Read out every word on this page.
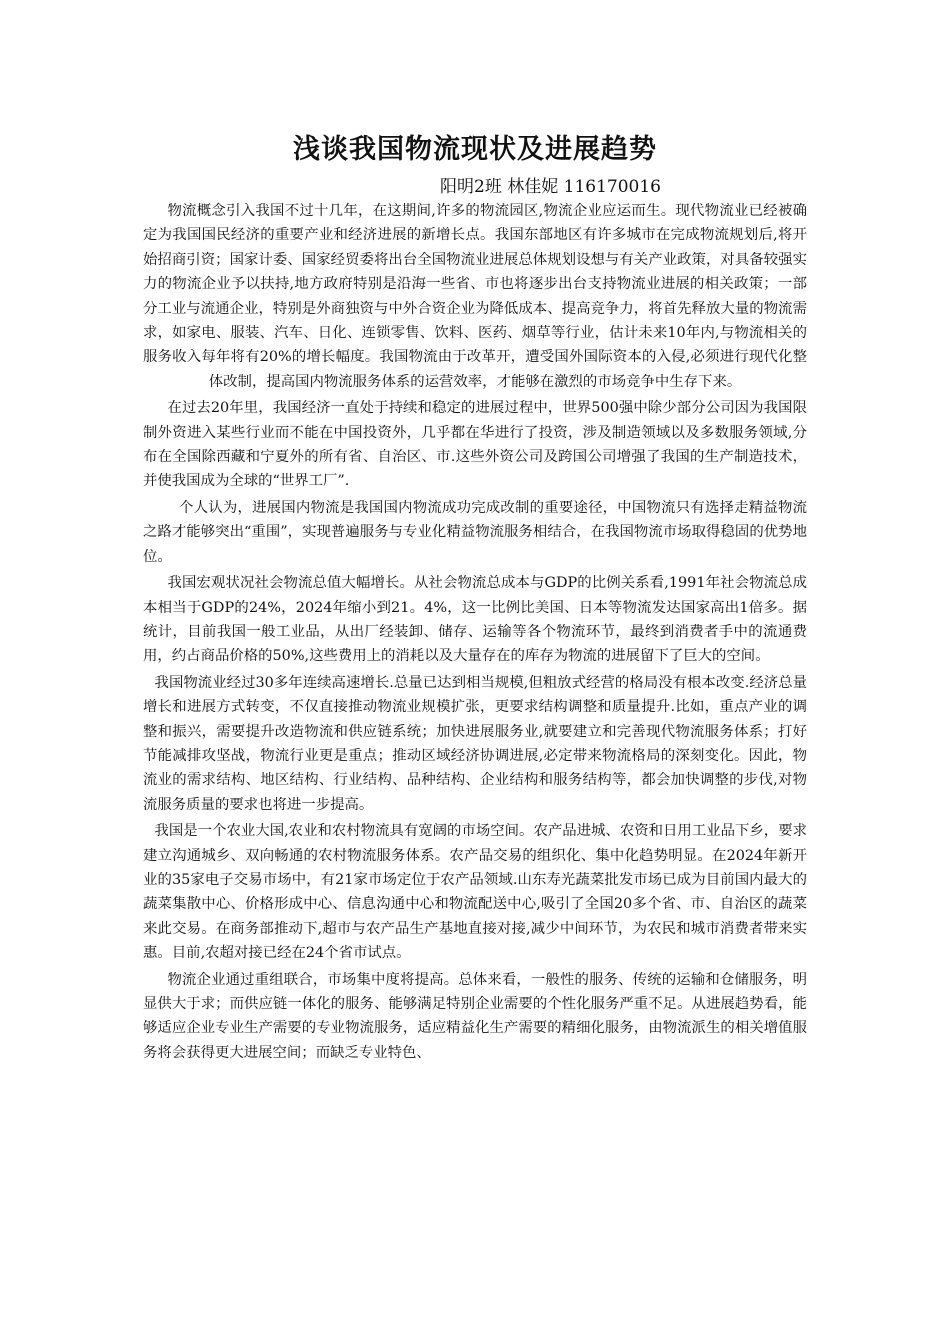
浅谈我国物流现状及进展趋势
阳明2班 林佳妮 116170016

物流概念引入我国不过十几年，在这期间,许多的物流园区,物流企业应运而生。现代物流业已经被确定为我国国民经济的重要产业和经济进展的新增长点。我国东部地区有许多城市在完成物流规划后,将开始招商引资；国家计委、国家经贸委将出台全国物流业进展总体规划设想与有关产业政策，对具备较强实力的物流企业予以扶持,地方政府特别是沿海一些省、市也将逐步出台支持物流业进展的相关政策；一部分工业与流通企业，特别是外商独资与中外合资企业为降低成本、提高竞争力，将首先释放大量的物流需求，如家电、服装、汽车、日化、连锁零售、饮料、医药、烟草等行业，估计未来10年内,与物流相关的服务收入每年将有20%的增长幅度。我国物流由于改革开，遭受国外国际资本的入侵,必须进行现代化整体改制，提高国内物流服务体系的运营效率，才能够在激烈的市场竞争中生存下来。

在过去20年里，我国经济一直处于持续和稳定的进展过程中，世界500强中除少部分公司因为我国限制外资进入某些行业而不能在中国投资外，几乎都在华进行了投资，涉及制造领域以及多数服务领域,分布在全国除西藏和宁夏外的所有省、自治区、市.这些外资公司及跨国公司增强了我国的生产制造技术，并使我国成为全球的“世界工厂”.

个人认为，进展国内物流是我国国内物流成功完成改制的重要途径，中国物流只有选择走精益物流之路才能够突出“重围”，实现普遍服务与专业化精益物流服务相结合，在我国物流市场取得稳固的优势地位。

我国宏观状况社会物流总值大幅增长。从社会物流总成本与GDP的比例关系看,1991年社会物流总成本相当于GDP的24%，2024年缩小到21。4%，这一比例比美国、日本等物流发达国家高出1倍多。据统计，目前我国一般工业品，从出厂经装卸、储存、运输等各个物流环节，最终到消费者手中的流通费用，约占商品价格的50%,这些费用上的消耗以及大量存在的库存为物流的进展留下了巨大的空间。

我国物流业经过30多年连续高速增长.总量已达到相当规模,但粗放式经营的格局没有根本改变.经济总量增长和进展方式转变，不仅直接推动物流业规模扩张，更要求结构调整和质量提升.比如，重点产业的调整和振兴，需要提升改造物流和供应链系统；加快进展服务业,就要建立和完善现代物流服务体系；打好节能减排攻坚战，物流行业更是重点；推动区域经济协调进展,必定带来物流格局的深刻变化。因此，物流业的需求结构、地区结构、行业结构、品种结构、企业结构和服务结构等，都会加快调整的步伐,对物流服务质量的要求也将进一步提高。

我国是一个农业大国,农业和农村物流具有宽阔的市场空间。农产品进城、农资和日用工业品下乡，要求建立沟通城乡、双向畅通的农村物流服务体系。农产品交易的组织化、集中化趋势明显。在2024年新开业的35家电子交易市场中，有21家市场定位于农产品领域.山东寿光蔬菜批发市场已成为目前国内最大的蔬菜集散中心、价格形成中心、信息沟通中心和物流配送中心,吸引了全国20多个省、市、自治区的蔬菜来此交易。在商务部推动下,超市与农产品生产基地直接对接,减少中间环节，为农民和城市消费者带来实惠。目前,农超对接已经在24个省市试点。

物流企业通过重组联合，市场集中度将提高。总体来看，一般性的服务、传统的运输和仓储服务，明显供大于求；而供应链一体化的服务、能够满足特别企业需要的个性化服务严重不足。从进展趋势看，能够适应企业专业生产需要的专业物流服务，适应精益化生产需要的精细化服务，由物流派生的相关增值服务将会获得更大进展空间；而缺乏专业特色、
